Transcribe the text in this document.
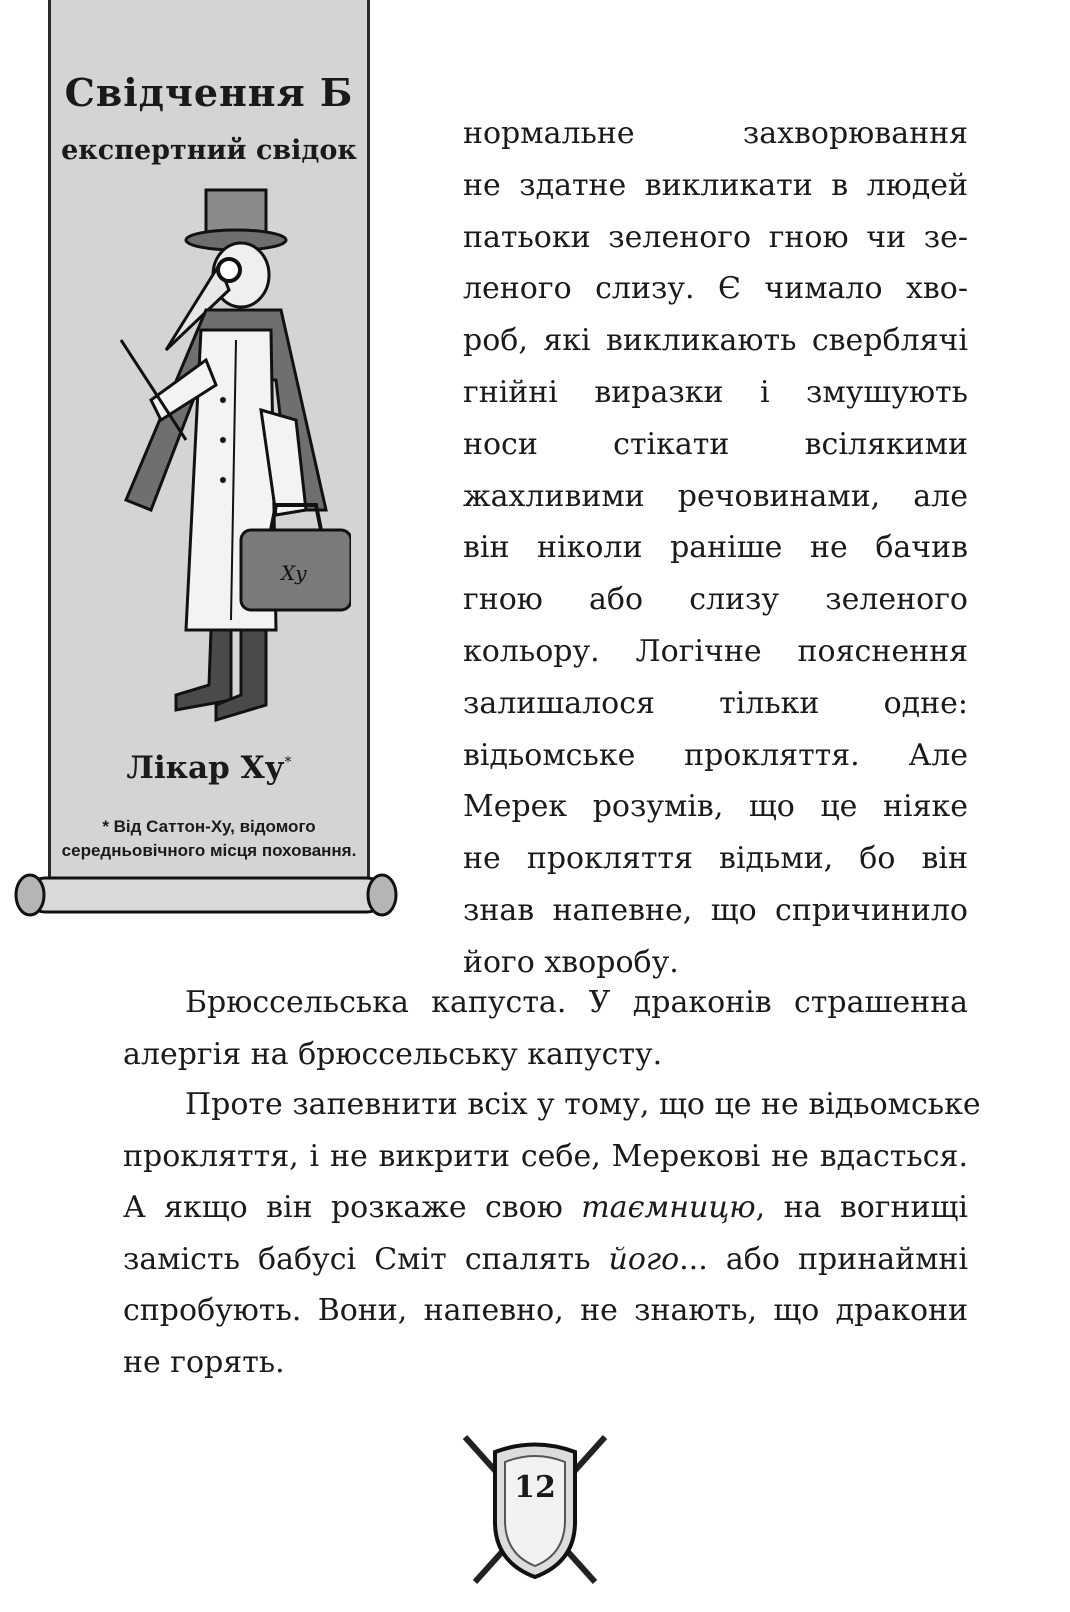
Свідчення Б
експертний свідок
Ху
Лікар Ху*
* Від Саттон-Ху, відомого середньовічного місця поховання.
нормальне захворювання
не здатне викликати в людей
патьоки зеленого гною чи зе-
леного слизу. Є чимало хво-
роб, які викликають сверблячі
гнійні виразки і змушують
носи стікати всілякими
жахливими речовинами, але
він ніколи раніше не бачив
гною або слизу зеленого
кольору. Логічне пояснення
залишалося тільки одне:
відьомське прокляття. Але
Мерек розумів, що це ніяке
не прокляття відьми, бо він
знав напевне, що спричинило
його хворобу.
Брюссельська капуста. У драконів страшенна
алергія на брюссельську капусту.
Проте запевнити всіх у тому, що це не відьомське
прокляття, і не викрити себе, Мерекові не вдасться.
А якщо він розкаже свою таємницю, на вогнищі
замість бабусі Сміт спалять його... або принаймні
спробують. Вони, напевно, не знають, що дракони
не горять.
12
